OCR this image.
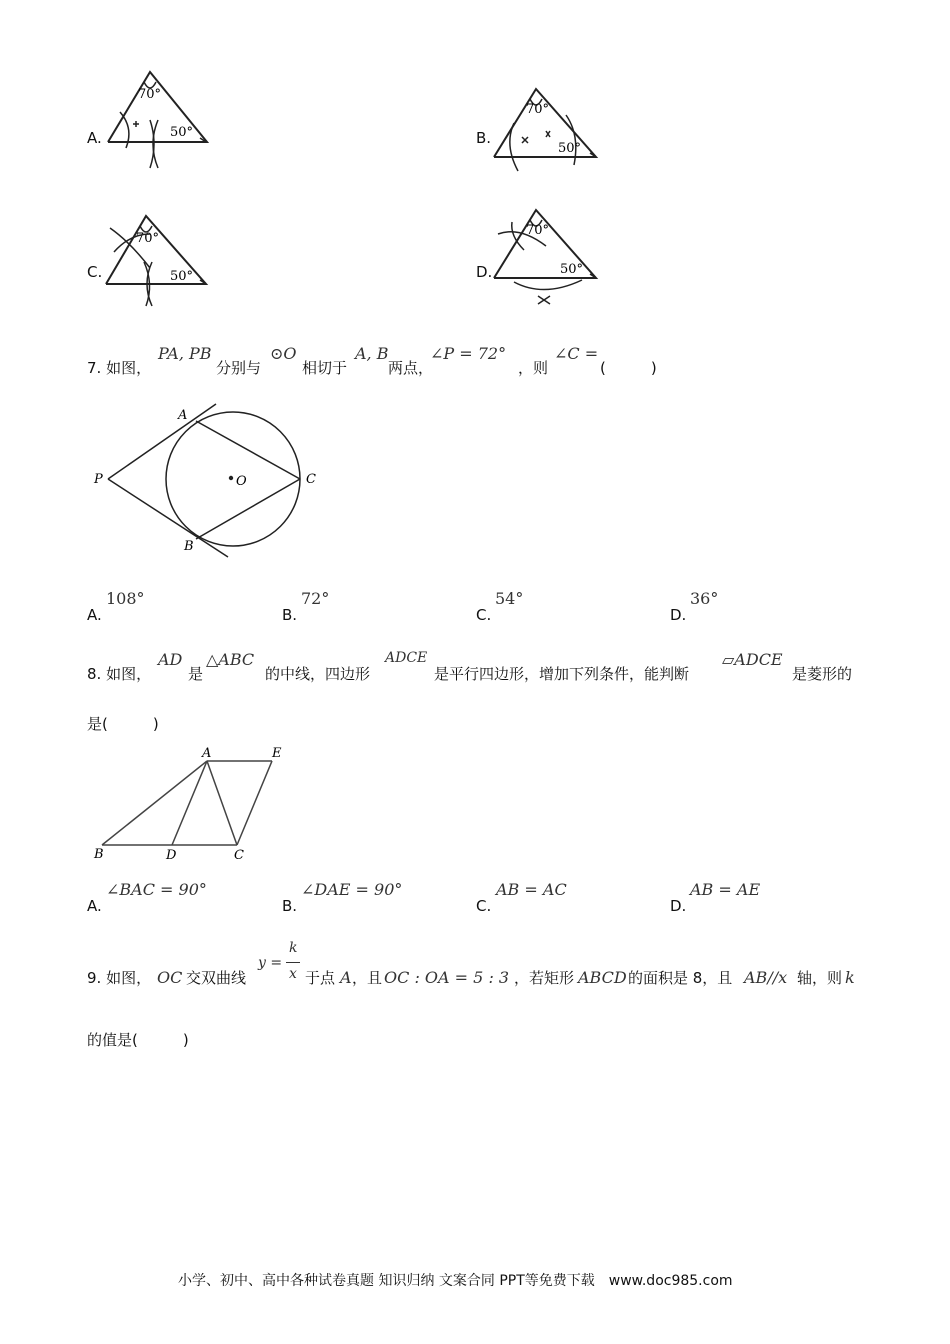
A.
70°
50°	B.
70°
50°
C.
70°
50°	D.
70°
50°
7. 如图，
PA, PB
分别与
⊙O
相切于
A, B
两点，
∠P = 72°
，则
∠C =
(　　　)
A
B
C
O
P
A.
108°
B.
72°
C.
54°
D.
36°
8. 如图，
AD
是
△ABC
的中线，四边形
ADCE
是平行四边形，增加下列条件，能判断
▱ADCE
是菱形的
是(　　　)
A	E
B	D	C
A.
∠BAC = 90°
B.
∠DAE = 90°
C.
AB = AC
D.
AB = AE
9. 如图， OC 交双曲线
y =
k
x 于点 A ，且 OC : OA = 5 : 3 ，若矩形 ABCD 的面积是 8，且 AB//x 轴，则 k
的值是(　　　)
小学、初中、高中各种试卷真题 知识归纳 文案合同 PPT等免费下载　www.doc985.com
